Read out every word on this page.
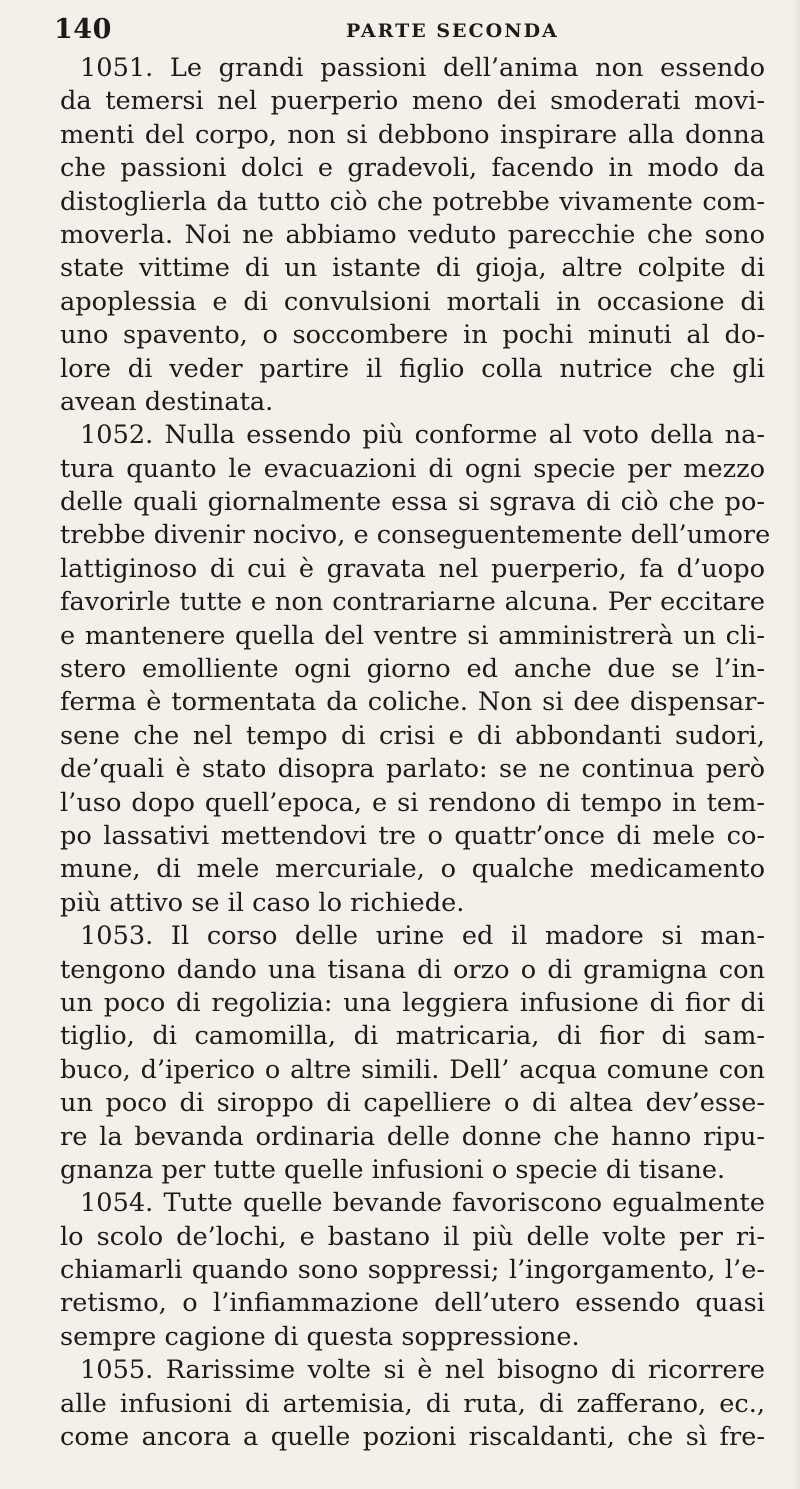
140	PARTE SECONDA
1051. Le grandi passioni dell’anima non essendo
da temersi nel puerperio meno dei smoderati movi-
menti del corpo, non si debbono inspirare alla donna
che passioni dolci e gradevoli, facendo in modo da
distoglierla da tutto ciò che potrebbe vivamente com-
moverla. Noi ne abbiamo veduto parecchie che sono
state vittime di un istante di gioja, altre colpite di
apoplessia e di convulsioni mortali in occasione di
uno spavento, o soccombere in pochi minuti al do-
lore di veder partire il figlio colla nutrice che gli
avean destinata.
1052. Nulla essendo più conforme al voto della na-
tura quanto le evacuazioni di ogni specie per mezzo
delle quali giornalmente essa si sgrava di ciò che po-
trebbe divenir nocivo, e conseguentemente dell’umore
lattiginoso di cui è gravata nel puerperio, fa d’uopo
favorirle tutte e non contrariarne alcuna. Per eccitare
e mantenere quella del ventre si amministrerà un cli-
stero emolliente ogni giorno ed anche due se l’in-
ferma è tormentata da coliche. Non si dee dispensar-
sene che nel tempo di crisi e di abbondanti sudori,
de’quali è stato disopra parlato: se ne continua però
l’uso dopo quell’epoca, e si rendono di tempo in tem-
po lassativi mettendovi tre o quattr’once di mele co-
mune, di mele mercuriale, o qualche medicamento
più attivo se il caso lo richiede.
1053. Il corso delle urine ed il madore si man-
tengono dando una tisana di orzo o di gramigna con
un poco di regolizia: una leggiera infusione di fior di
tiglio, di camomilla, di matricaria, di fior di sam-
buco, d’iperico o altre simili. Dell’ acqua comune con
un poco di siroppo di capelliere o di altea dev’esse-
re la bevanda ordinaria delle donne che hanno ripu-
gnanza per tutte quelle infusioni o specie di tisane.
1054. Tutte quelle bevande favoriscono egualmente
lo scolo de’lochi, e bastano il più delle volte per ri-
chiamarli quando sono soppressi; l’ingorgamento, l’e-
retismo, o l’infiammazione dell’utero essendo quasi
sempre cagione di questa soppressione.
1055. Rarissime volte si è nel bisogno di ricorrere
alle infusioni di artemisia, di ruta, di zafferano, ec.,
come ancora a quelle pozioni riscaldanti, che sì fre-
